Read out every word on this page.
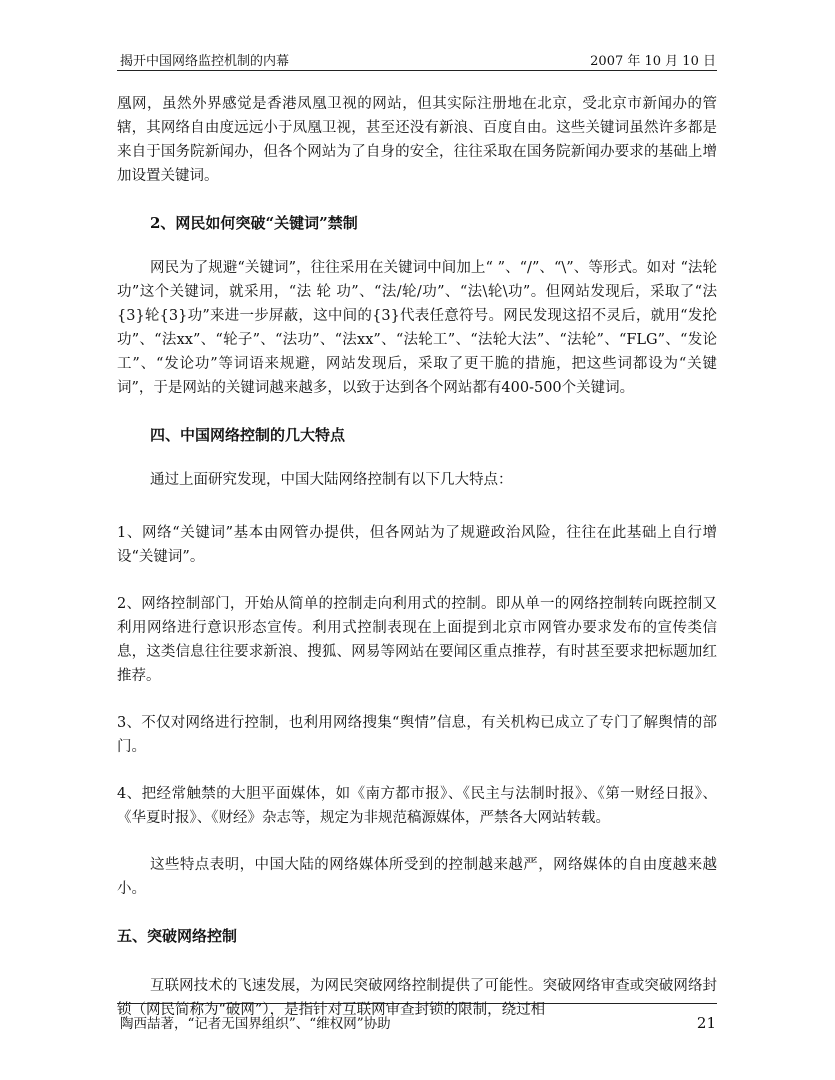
揭开中国网络监控机制的内幕	2007 年 10 月 10 日

凰网，虽然外界感觉是香港凤凰卫视的网站，但其实际注册地在北京，受北京市新闻办的管辖，其网络自由度远远小于凤凰卫视，甚至还没有新浪、百度自由。这些关键词虽然许多都是来自于国务院新闻办，但各个网站为了自身的安全，往往采取在国务院新闻办要求的基础上增加设置关键词。

2、网民如何突破“关键词”禁制

网民为了规避“关键词”，往往采用在关键词中间加上“ ”、“/”、“\”、等形式。如对 “法轮功”这个关键词，就采用，“法 轮 功”、“法/轮/功”、“法\轮\功”。但网站发现后，采取了“法{3}轮{3}功”来进一步屏蔽，这中间的{3}代表任意符号。网民发现这招不灵后，就用“发抡功”、“法xx”、“轮子”、“法功”、“法xx”、“法轮工”、“法轮大法”、“法轮”、“FLG”、“发论工”、“发论功”等词语来规避，网站发现后，采取了更干脆的措施，把这些词都设为“关键词”，于是网站的关键词越来越多，以致于达到各个网站都有400-500个关键词。

四、中国网络控制的几大特点

通过上面研究发现，中国大陆网络控制有以下几大特点：

1、网络“关键词”基本由网管办提供，但各网站为了规避政治风险，往往在此基础上自行增设“关键词”。

2、网络控制部门，开始从简单的控制走向利用式的控制。即从单一的网络控制转向既控制又利用网络进行意识形态宣传。利用式控制表现在上面提到北京市网管办要求发布的宣传类信息，这类信息往往要求新浪、搜狐、网易等网站在要闻区重点推荐，有时甚至要求把标题加红推荐。

3、不仅对网络进行控制，也利用网络搜集“舆情”信息，有关机构已成立了专门了解舆情的部门。

4、把经常触禁的大胆平面媒体，如《南方都市报》、《民主与法制时报》、《第一财经日报》、《华夏时报》、《财经》杂志等，规定为非规范稿源媒体，严禁各大网站转载。

这些特点表明，中国大陆的网络媒体所受到的控制越来越严，网络媒体的自由度越来越小。

五、突破网络控制

互联网技术的飞速发展，为网民突破网络控制提供了可能性。突破网络审查或突破网络封锁（网民简称为“破网”），是指针对互联网审查封锁的限制，绕过相

陶西喆著，“记者无国界组织”、“维权网”协助	21
